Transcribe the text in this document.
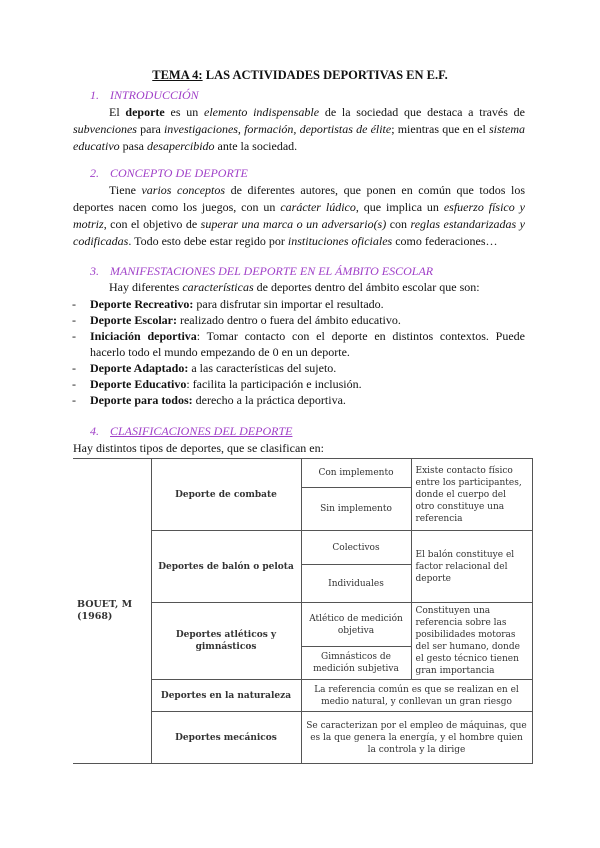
TEMA 4: LAS ACTIVIDADES DEPORTIVAS EN E.F.
1. INTRODUCCIÓN
El deporte es un elemento indispensable de la sociedad que destaca a través de subvenciones para investigaciones, formación, deportistas de élite; mientras que en el sistema educativo pasa desapercibido ante la sociedad.
2. CONCEPTO DE DEPORTE
Tiene varios conceptos de diferentes autores, que ponen en común que todos los deportes nacen como los juegos, con un carácter lúdico, que implica un esfuerzo físico y motriz, con el objetivo de superar una marca o un adversario(s) con reglas estandarizadas y codificadas. Todo esto debe estar regido por instituciones oficiales como federaciones…
3. MANIFESTACIONES DEL DEPORTE EN EL ÁMBITO ESCOLAR
Hay diferentes características de deportes dentro del ámbito escolar que son:
- Deporte Recreativo: para disfrutar sin importar el resultado.
- Deporte Escolar: realizado dentro o fuera del ámbito educativo.
- Iniciación deportiva: Tomar contacto con el deporte en distintos contextos. Puede
hacerlo todo el mundo empezando de 0 en un deporte.
- Deporte Adaptado: a las características del sujeto.
- Deporte Educativo: facilita la participación e inclusión.
- Deporte para todos: derecho a la práctica deportiva.
4. CLASIFICACIONES DEL DEPORTE
Hay distintos tipos de deportes, que se clasifican en:
BOUET, M
(1968)	Deporte de combate	Con implemento	Existe contacto físico entre los participantes, donde el cuerpo del otro constituye una referencia
		Sin implemento	
	Deportes de balón o pelota	Colectivos	El balón constituye el factor relacional del deporte
		Individuales	
	Deportes atléticos y gimnásticos	Atlético de medición objetiva	Constituyen una referencia sobre las posibilidades motoras del ser humano, donde el gesto técnico tienen gran importancia
		Gimnásticos de medición subjetiva	
	Deportes en la naturaleza	La referencia común es que se realizan en el medio natural, y conllevan un gran riesgo	
	Deportes mecánicos	Se caracterizan por el empleo de máquinas, que es la que genera la energía, y el hombre quien la controla y la dirige	
